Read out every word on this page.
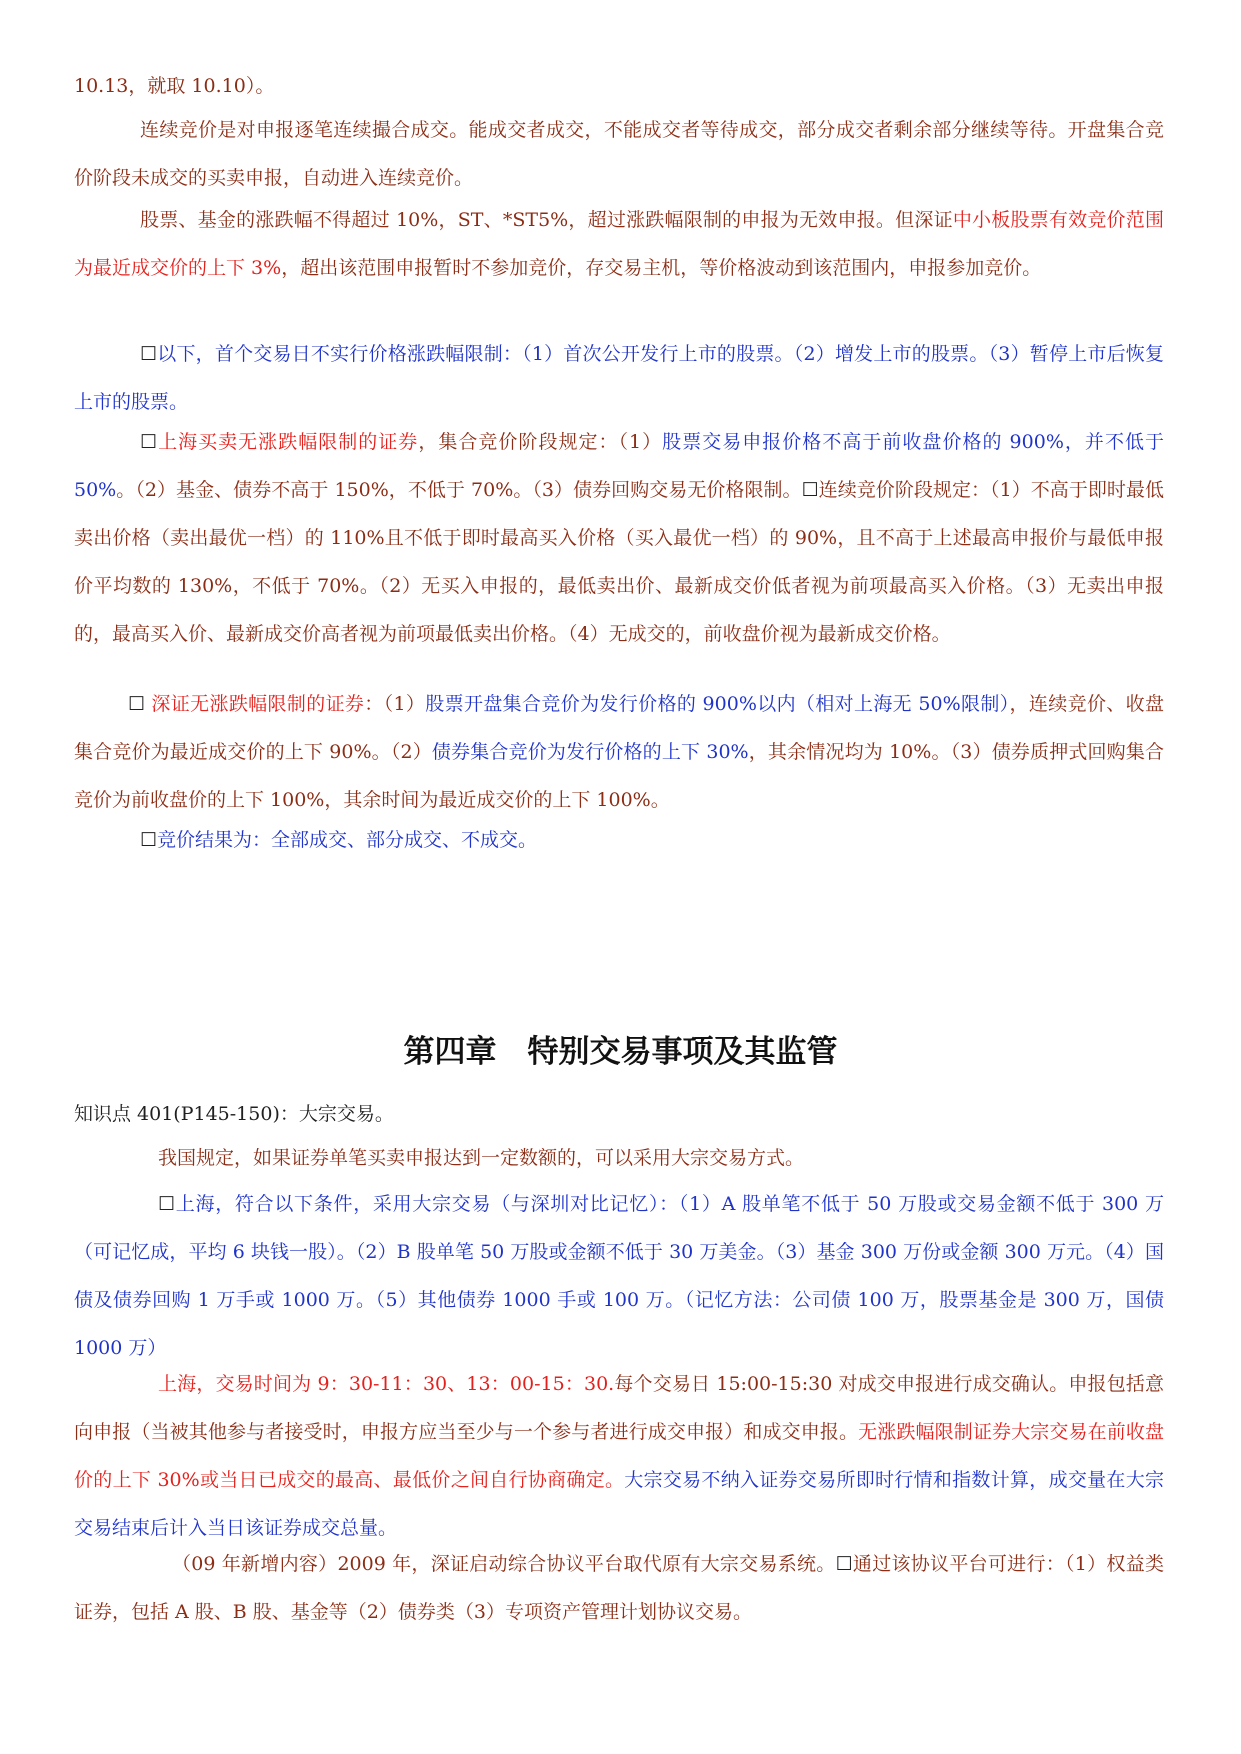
10.13，就取 10.10）。

连续竞价是对申报逐笔连续撮合成交。能成交者成交，不能成交者等待成交，部分成交者剩余部分继续等待。开盘集合竞价阶段未成交的买卖申报，自动进入连续竞价。

股票、基金的涨跌幅不得超过 10%，ST、*ST5%，超过涨跌幅限制的申报为无效申报。但深证中小板股票有效竞价范围为最近成交价的上下 3%，超出该范围申报暂时不参加竞价，存交易主机，等价格波动到该范围内，申报参加竞价。

☐以下，首个交易日不实行价格涨跌幅限制：（1）首次公开发行上市的股票。（2）增发上市的股票。（3）暂停上市后恢复上市的股票。

☐上海买卖无涨跌幅限制的证券，集合竞价阶段规定：（1）股票交易申报价格不高于前收盘价格的 900%，并不低于 50%。（2）基金、债券不高于 150%，不低于 70%。（3）债券回购交易无价格限制。☐连续竞价阶段规定：（1）不高于即时最低卖出价格（卖出最优一档）的 110%且不低于即时最高买入价格（买入最优一档）的 90%，且不高于上述最高申报价与最低申报价平均数的 130%，不低于 70%。（2）无买入申报的，最低卖出价、最新成交价低者视为前项最高买入价格。（3）无卖出申报的，最高买入价、最新成交价高者视为前项最低卖出价格。（4）无成交的，前收盘价视为最新成交价格。

☐ 深证无涨跌幅限制的证券：（1）股票开盘集合竞价为发行价格的 900%以内（相对上海无 50%限制），连续竞价、收盘集合竞价为最近成交价的上下 90%。（2）债券集合竞价为发行价格的上下 30%，其余情况均为 10%。（3）债券质押式回购集合竞价为前收盘价的上下 100%，其余时间为最近成交价的上下 100%。

☐竞价结果为：全部成交、部分成交、不成交。

第四章　特别交易事项及其监管

知识点 401(P145-150)：大宗交易。

我国规定，如果证券单笔买卖申报达到一定数额的，可以采用大宗交易方式。

☐上海，符合以下条件，采用大宗交易（与深圳对比记忆）：（1）A 股单笔不低于 50 万股或交易金额不低于 300 万（可记忆成，平均 6 块钱一股）。（2）B 股单笔 50 万股或金额不低于 30 万美金。（3）基金 300 万份或金额 300 万元。（4）国债及债券回购 1 万手或 1000 万。（5）其他债券 1000 手或 100 万。（记忆方法：公司债 100 万，股票基金是 300 万，国债 1000 万）

上海，交易时间为 9：30-11：30、13：00-15：30.每个交易日 15:00-15:30 对成交申报进行成交确认。申报包括意向申报（当被其他参与者接受时，申报方应当至少与一个参与者进行成交申报）和成交申报。无涨跌幅限制证券大宗交易在前收盘价的上下 30%或当日已成交的最高、最低价之间自行协商确定。大宗交易不纳入证券交易所即时行情和指数计算，成交量在大宗交易结束后计入当日该证券成交总量。

（09 年新增内容）2009 年，深证启动综合协议平台取代原有大宗交易系统。☐通过该协议平台可进行：（1）权益类证券，包括 A 股、B 股、基金等（2）债券类（3）专项资产管理计划协议交易。
